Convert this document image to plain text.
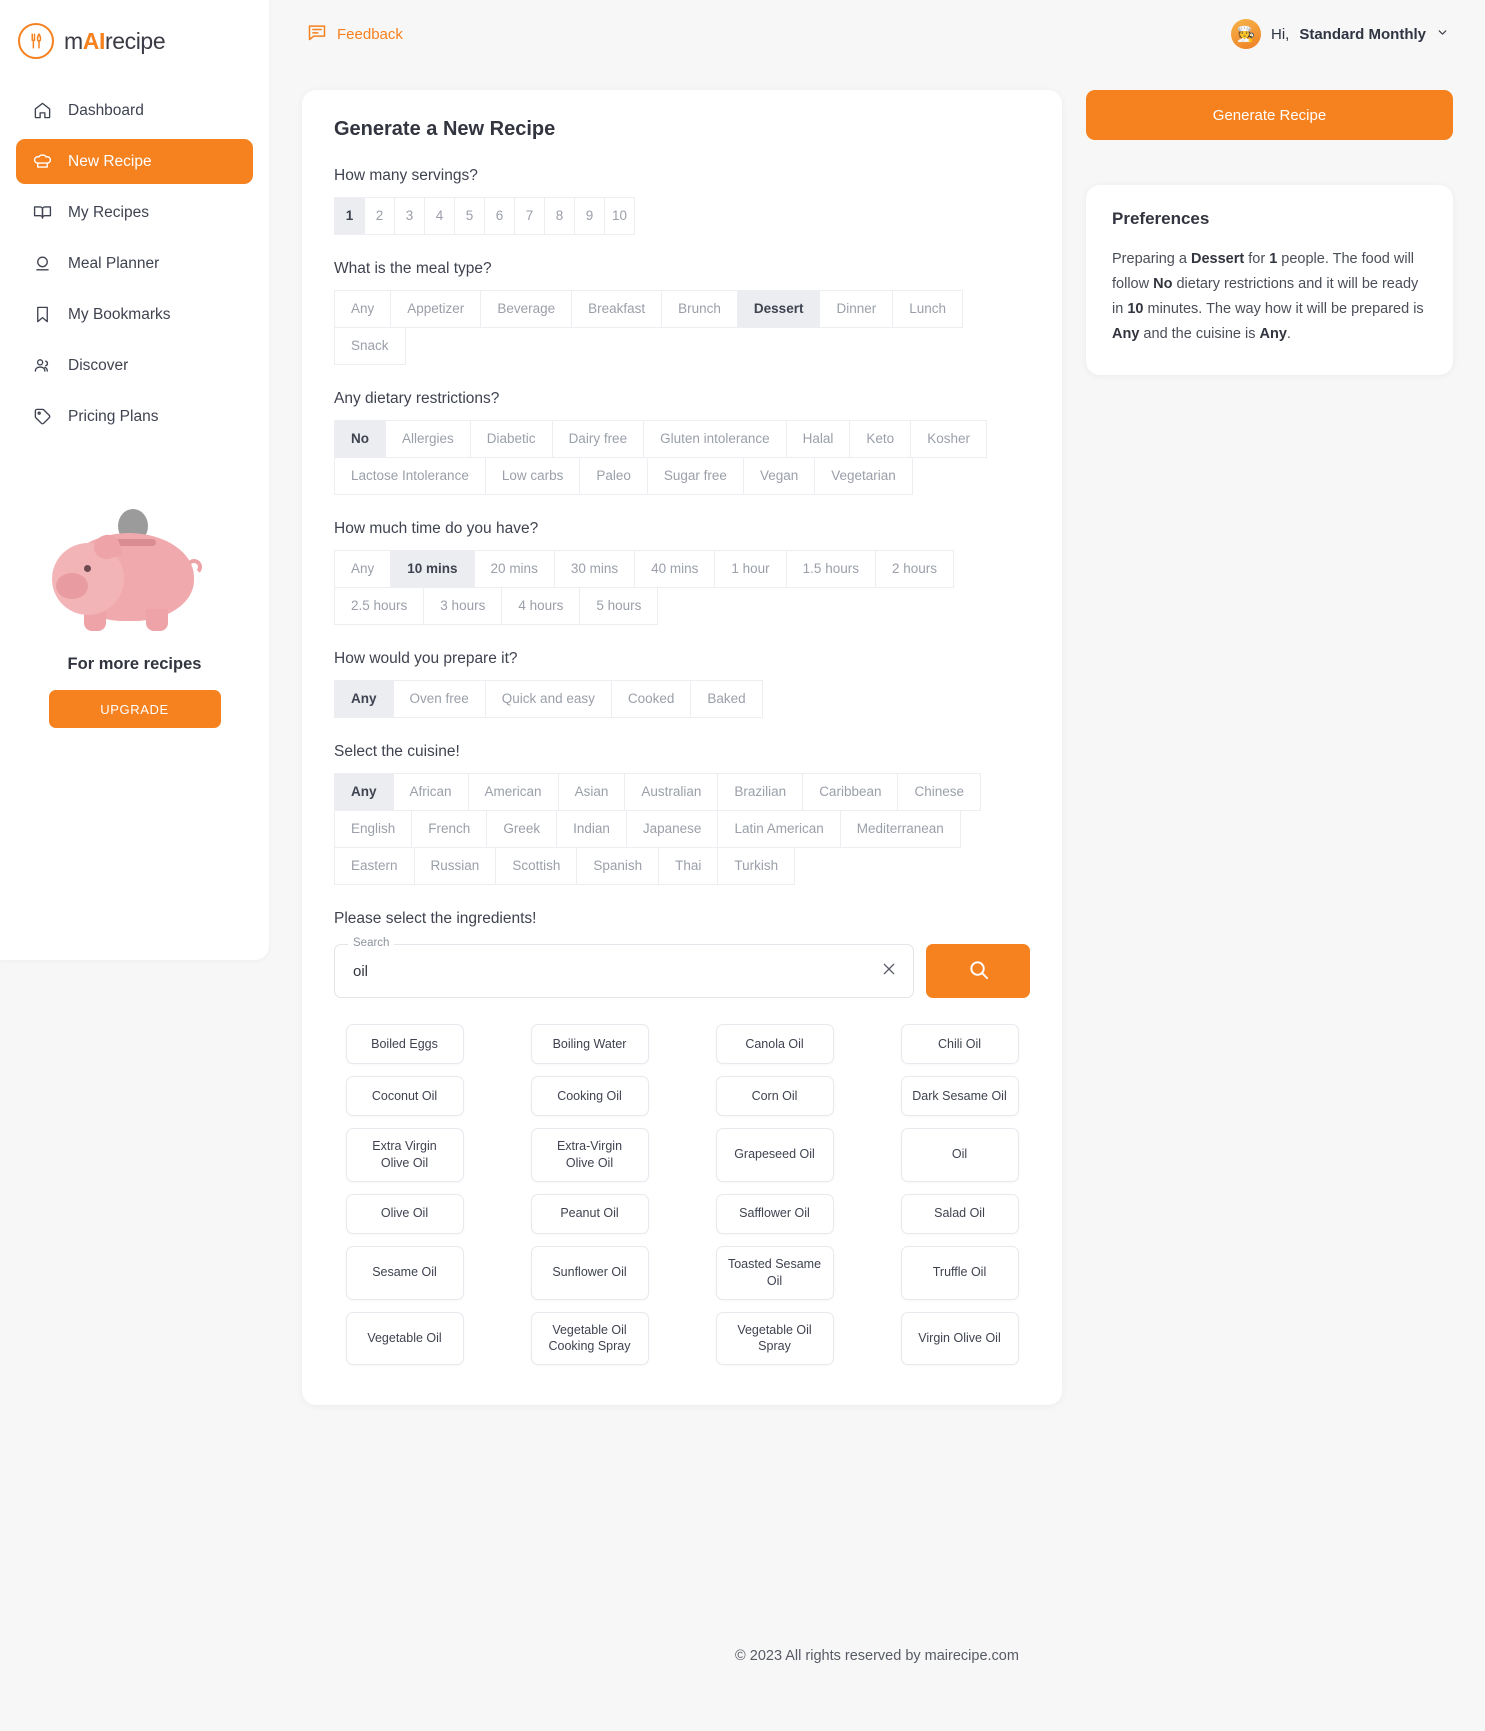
mAIrecipe
Dashboard
New Recipe
My Recipes
Meal Planner
My Bookmarks
Discover
Pricing Plans
For more recipes
UPGRADE
Feedback	🧑‍🍳	Hi, Standard Monthly
Generate a New Recipe
How many servings?
1	2	3	4	5	6	7	8	9	10
What is the meal type?
Any	Appetizer	Beverage	Breakfast	Brunch	Dessert	Dinner	Lunch
Snack
Any dietary restrictions?
No	Allergies	Diabetic	Dairy free	Gluten intolerance	Halal	Keto	Kosher
Lactose Intolerance	Low carbs	Paleo	Sugar free	Vegan	Vegetarian
How much time do you have?
Any	10 mins	20 mins	30 mins	40 mins	1 hour	1.5 hours	2 hours
2.5 hours	3 hours	4 hours	5 hours
How would you prepare it?
Any	Oven free	Quick and easy	Cooked	Baked
Select the cuisine!
Any	African	American	Asian	Australian	Brazilian	Caribbean	Chinese
English	French	Greek	Indian	Japanese	Latin American	Mediterranean
Eastern	Russian	Scottish	Spanish	Thai	Turkish
Please select the ingredients!
Search
oil
Boiled Eggs	Boiling Water	Canola Oil	Chili Oil
Coconut Oil	Cooking Oil	Corn Oil	Dark Sesame Oil
Extra Virgin Olive Oil
Extra-Virgin Olive Oil
Grapeseed Oil	Oil
Olive Oil	Peanut Oil	Safflower Oil	Salad Oil
Sesame Oil	Sunflower Oil
Toasted Sesame Oil
Truffle Oil
Vegetable Oil
Vegetable Oil Cooking Spray
Vegetable Oil Spray
Virgin Olive Oil
Generate Recipe
Preferences

Preparing a Dessert for 1 people. The food will follow No dietary restrictions and it will be ready in 10 minutes. The way how it will be prepared is Any and the cuisine is Any.

© 2023 All rights reserved by mairecipe.com
